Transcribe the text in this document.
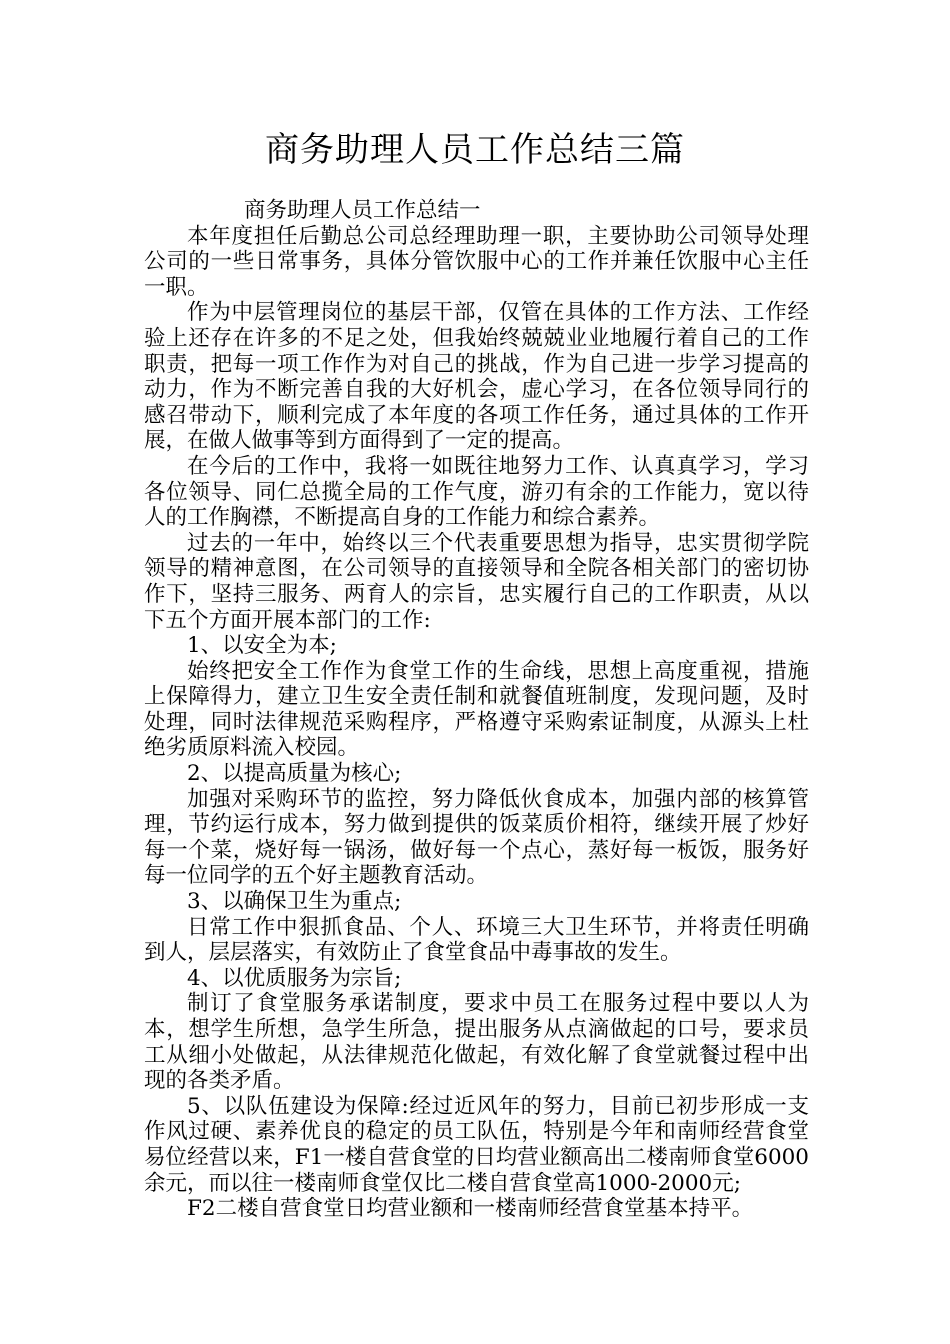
商务助理人员工作总结三篇

商务助理人员工作总结一

本年度担任后勤总公司总经理助理一职，主要协助公司领导处理公司的一些日常事务，具体分管饮服中心的工作并兼任饮服中心主任一职。

作为中层管理岗位的基层干部，仅管在具体的工作方法、工作经验上还存在许多的不足之处，但我始终兢兢业业地履行着自己的工作职责，把每一项工作作为对自己的挑战，作为自己进一步学习提高的动力，作为不断完善自我的大好机会，虚心学习，在各位领导同行的感召带动下，顺利完成了本年度的各项工作任务，通过具体的工作开展，在做人做事等到方面得到了一定的提高。

在今后的工作中，我将一如既往地努力工作、认真真学习，学习各位领导、同仁总揽全局的工作气度，游刃有余的工作能力，宽以待人的工作胸襟，不断提高自身的工作能力和综合素养。

过去的一年中，始终以三个代表重要思想为指导，忠实贯彻学院领导的精神意图，在公司领导的直接领导和全院各相关部门的密切协作下，坚持三服务、两育人的宗旨，忠实履行自己的工作职责，从以下五个方面开展本部门的工作:

1、以安全为本;

始终把安全工作作为食堂工作的生命线，思想上高度重视，措施上保障得力，建立卫生安全责任制和就餐值班制度，发现问题，及时处理，同时法律规范采购程序，严格遵守采购索证制度，从源头上杜绝劣质原料流入校园。

2、以提高质量为核心;

加强对采购环节的监控，努力降低伙食成本，加强内部的核算管理，节约运行成本，努力做到提供的饭菜质价相符，继续开展了炒好每一个菜，烧好每一锅汤，做好每一个点心，蒸好每一板饭，服务好每一位同学的五个好主题教育活动。

3、以确保卫生为重点;

日常工作中狠抓食品、个人、环境三大卫生环节，并将责任明确到人，层层落实，有效防止了食堂食品中毒事故的发生。

4、以优质服务为宗旨;

制订了食堂服务承诺制度，要求中员工在服务过程中要以人为本，想学生所想，急学生所急，提出服务从点滴做起的口号，要求员工从细小处做起，从法律规范化做起，有效化解了食堂就餐过程中出现的各类矛盾。

5、以队伍建设为保障:经过近风年的努力，目前已初步形成一支作风过硬、素养优良的稳定的员工队伍，特别是今年和南师经营食堂易位经营以来，F1一楼自营食堂的日均营业额高出二楼南师食堂6000余元，而以往一楼南师食堂仅比二楼自营食堂高1000-2000元;

F2二楼自营食堂日均营业额和一楼南师经营食堂基本持平。
